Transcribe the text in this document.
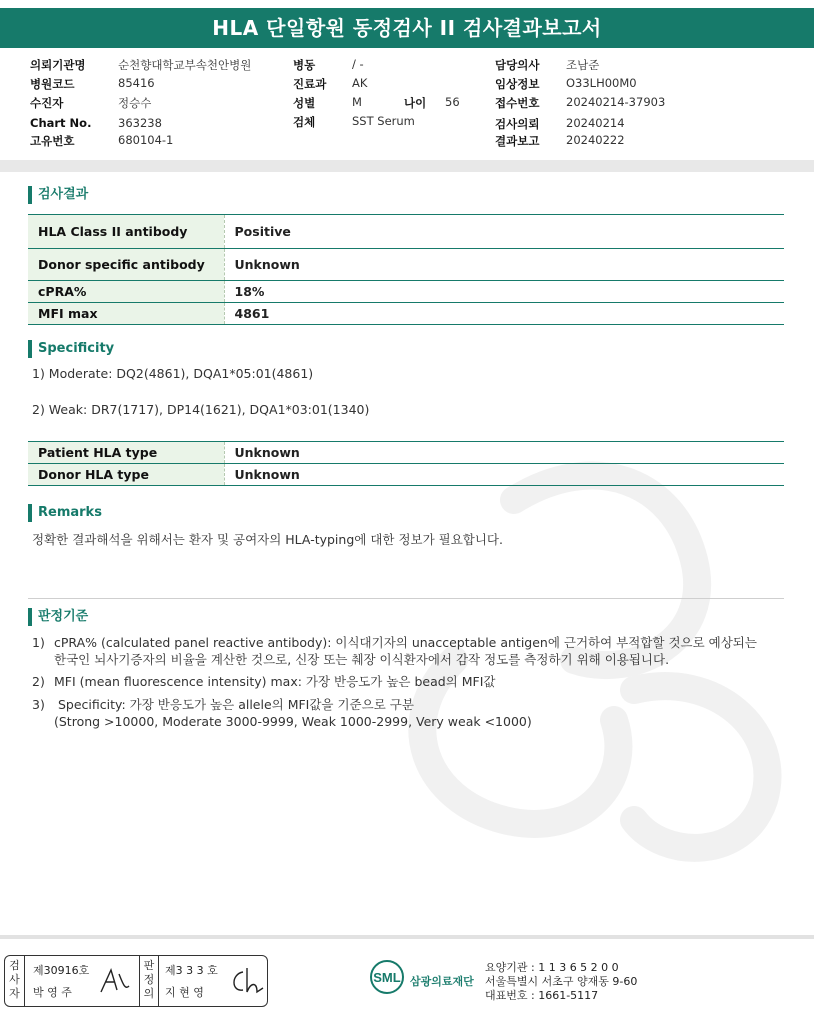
HLA 단일항원 동정검사 II 검사결과보고서
의뢰기관명	순천향대학교부속천안병원
병원코드	85416
수진자	정승수
Chart No. 363238
고유번호	680104-1
병동	/ -
진료과 AK
성별	M	나이 56
검체	SST Serum
담당의사 조남준
임상정보 O33LH00M0
접수번호 20240214-37903
검사의뢰 20240214
결과보고 20240222
검사결과
HLA Class II antibody	Positive
Donor specific antibody	Unknown
cPRA%	18%
MFI max	4861
Specificity
1) Moderate: DQ2(4861), DQA1*05:01(4861)
2) Weak: DR7(1717), DP14(1621), DQA1*03:01(1340)
Patient HLA type	Unknown
Donor HLA type	Unknown
Remarks
정확한 결과해석을 위해서는 환자 및 공여자의 HLA-typing에 대한 정보가 필요합니다.
판정기준
1) cPRA% (calculated panel reactive antibody): 이식대기자의 unacceptable antigen에 근거하여 부적합할 것으로 예상되는
한국인 뇌사기증자의 비율을 계산한 것으로, 신장 또는 췌장 이식환자에서 감작 정도를 측정하기 위해 이용됩니다.
2) MFI (mean fluorescence intensity) max: 가장 반응도가 높은 bead의 MFI값
3) Specificity: 가장 반응도가 높은 allele의 MFI값을 기준으로 구분
(Strong >10000, Moderate 3000-9999, Weak 1000-2999, Very weak <1000)
검
사
자
제30916호
박 영 주
판
정
의
제3 3 3 호
지 현 영
SML 삼광의료재단
요양기관 : 1 1 3 6 5 2 0 0
서울특별시 서초구 양재동 9-60
대표번호 : 1661-5117
